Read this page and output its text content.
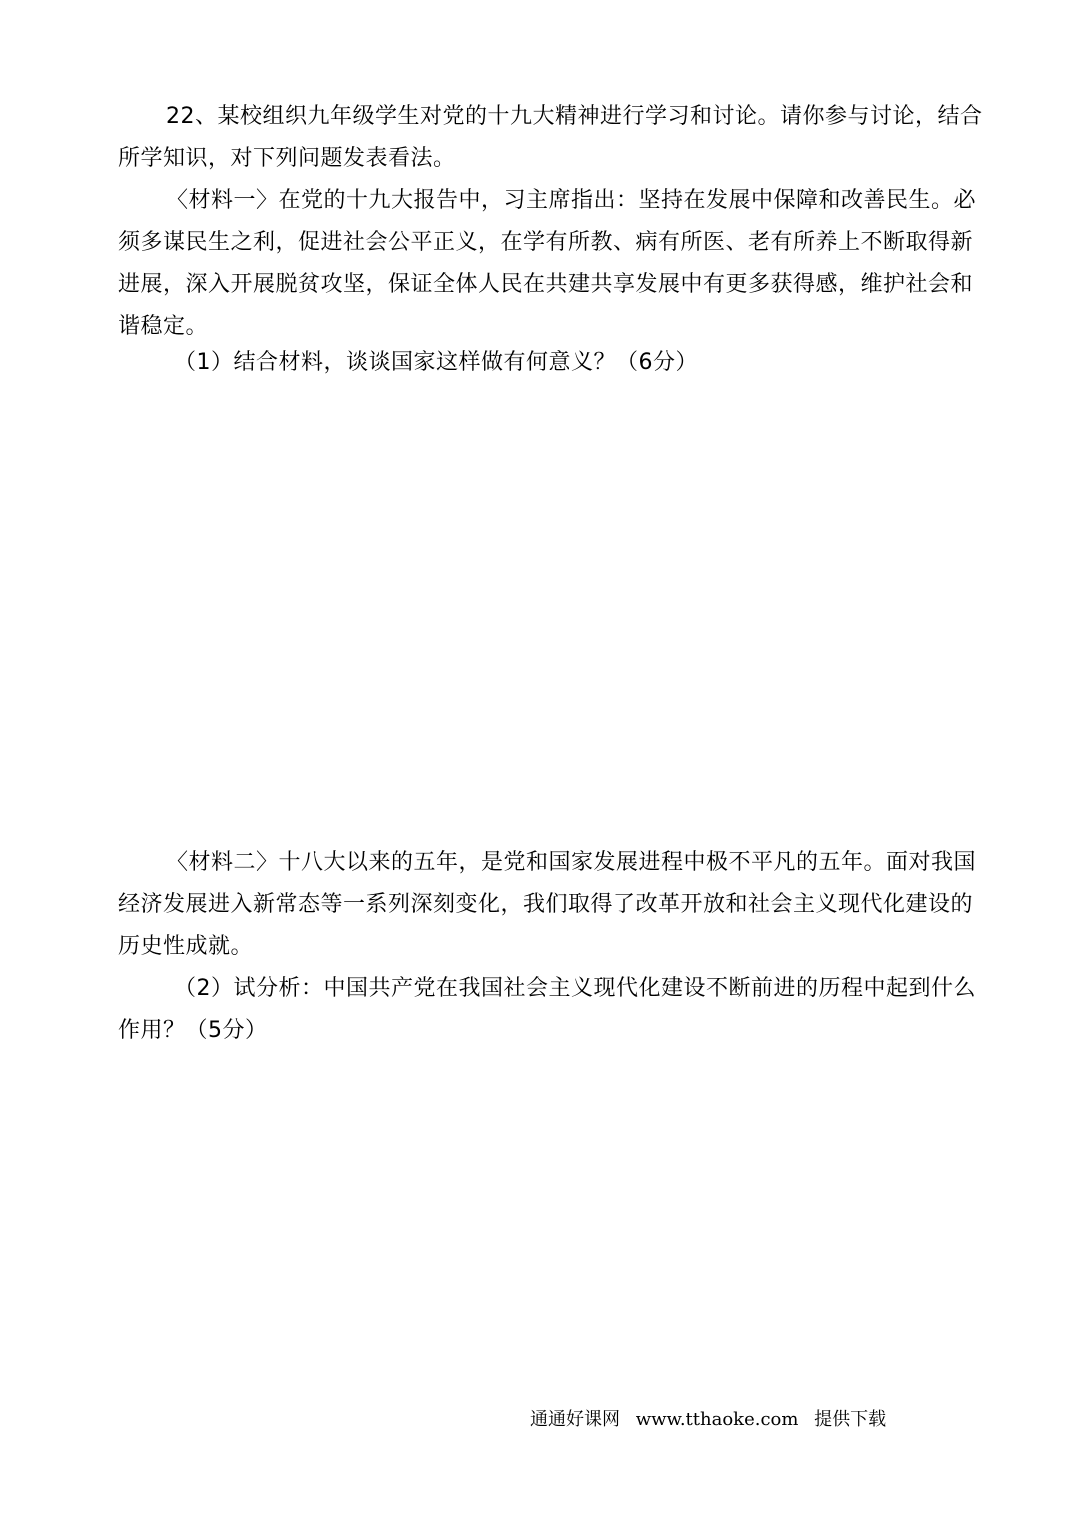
22、某校组织九年级学生对党的十九大精神进行学习和讨论。请你参与讨论，结合所学知识，对下列问题发表看法。

〈材料一〉在党的十九大报告中，习主席指出：坚持在发展中保障和改善民生。必须多谋民生之利，促进社会公平正义，在学有所教、病有所医、老有所养上不断取得新进展，深入开展脱贫攻坚，保证全体人民在共建共享发展中有更多获得感，维护社会和谐稳定。

（1）结合材料，谈谈国家这样做有何意义？（6分）

〈材料二〉十八大以来的五年，是党和国家发展进程中极不平凡的五年。面对我国经济发展进入新常态等一系列深刻变化，我们取得了改革开放和社会主义现代化建设的历史性成就。

（2）试分析：中国共产党在我国社会主义现代化建设不断前进的历程中起到什么作用？（5分）

通通好课网 www.tthaoke.com 提供下载
